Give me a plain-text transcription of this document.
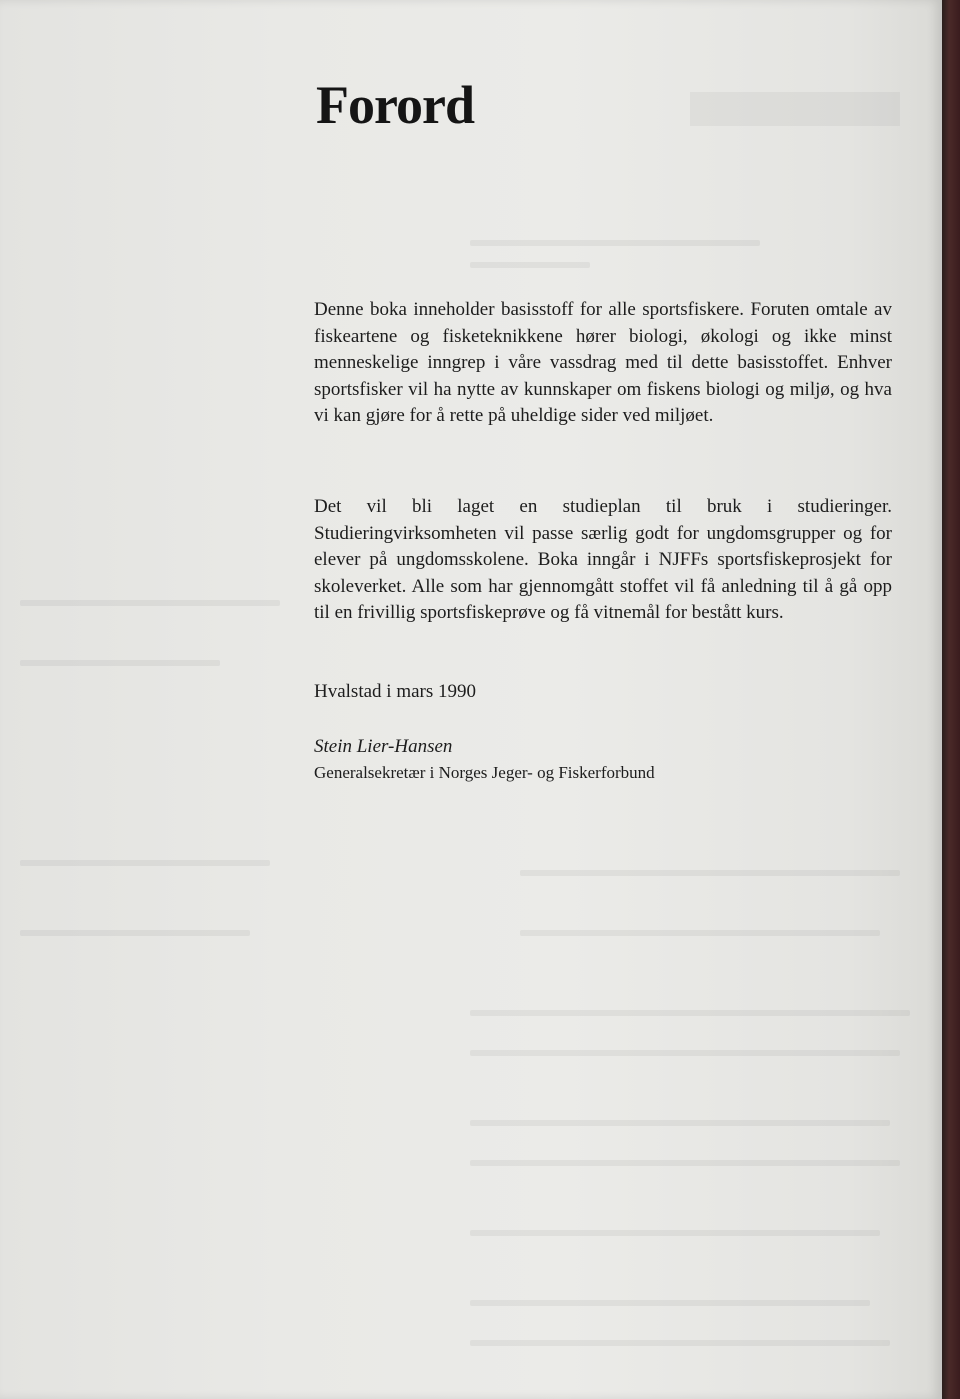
Forord

Denne boka inneholder basisstoff for alle sportsfiskere. Foruten omtale av fiskeartene og fisketeknikkene hører biologi, økologi og ikke minst menneskelige inngrep i våre vassdrag med til dette basisstoffet. Enhver sportsfisker vil ha nytte av kunnskaper om fiskens biologi og miljø, og hva vi kan gjøre for å rette på uheldige sider ved miljøet.

Det vil bli laget en studieplan til bruk i studieringer. Studieringvirksomheten vil passe særlig godt for ungdomsgrupper og for elever på ungdomsskolene. Boka inngår i NJFFs sportsfiskeprosjekt for skoleverket. Alle som har gjennomgått stoffet vil få anledning til å gå opp til en frivillig sportsfiskeprøve og få vitnemål for bestått kurs.

Hvalstad i mars 1990

Stein Lier-Hansen

Generalsekretær i Norges Jeger- og Fiskerforbund
